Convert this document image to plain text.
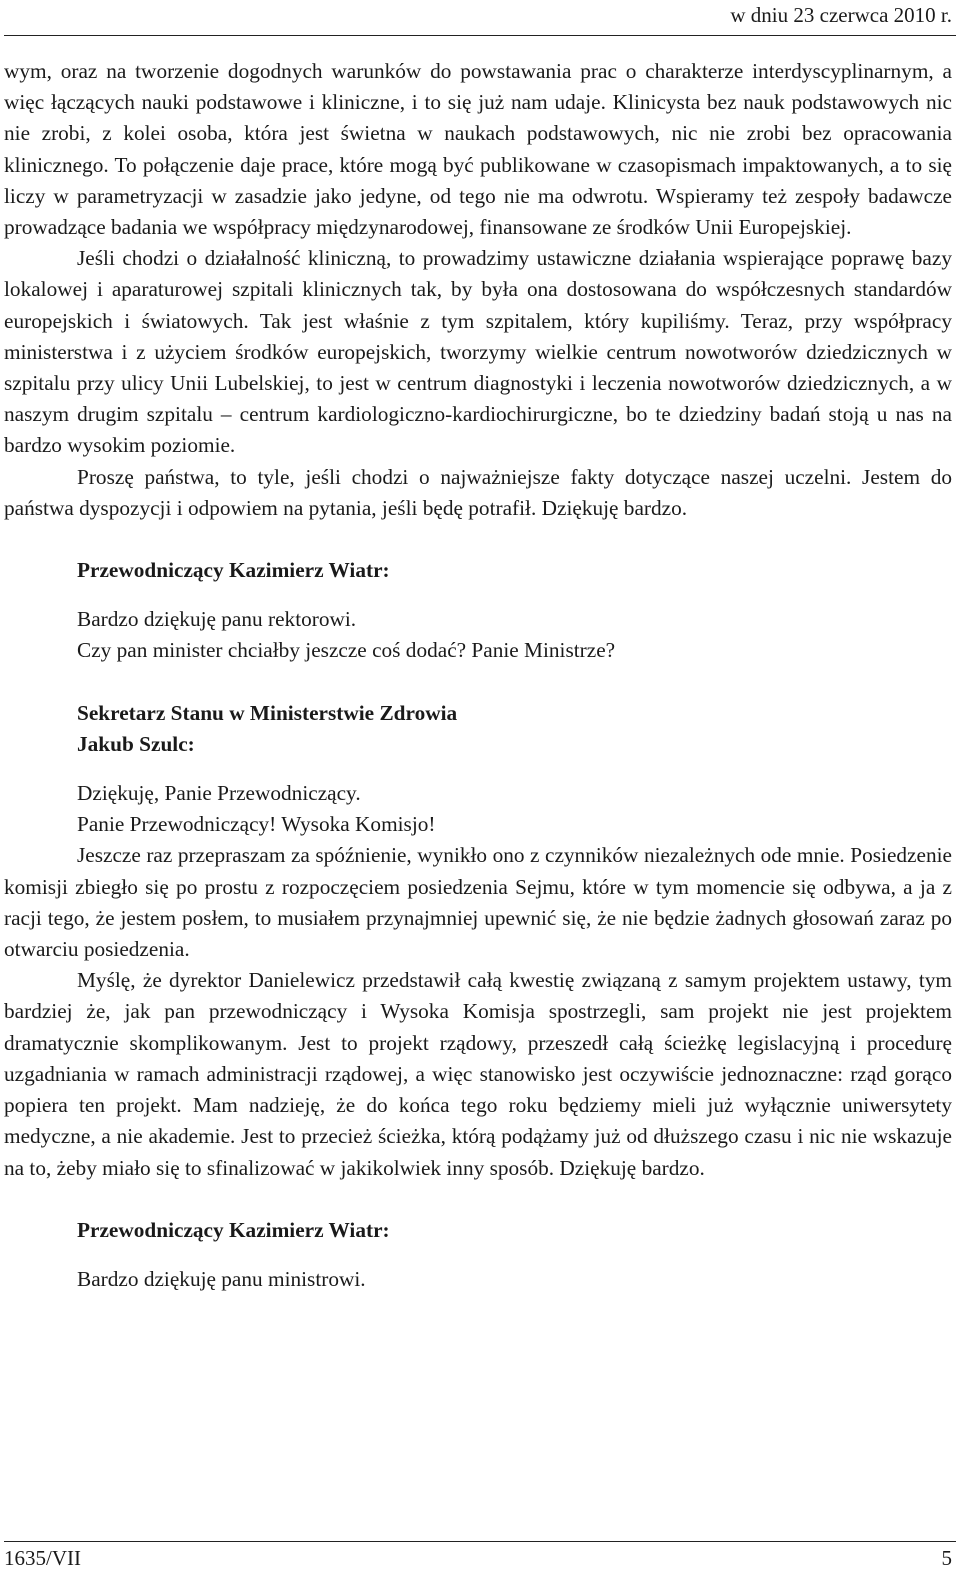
w dniu 23 czerwca 2010 r.

wym, oraz na tworzenie dogodnych warunków do powstawania prac o charakterze interdyscyplinarnym, a więc łączących nauki podstawowe i kliniczne, i to się już nam udaje. Klinicysta bez nauk podstawowych nic nie zrobi, z kolei osoba, która jest świetna w naukach podstawowych, nic nie zrobi bez opracowania klinicznego. To połączenie daje prace, które mogą być publikowane w czasopismach impaktowanych, a to się liczy w parametryzacji w zasadzie jako jedyne, od tego nie ma odwrotu. Wspieramy też zespoły badawcze prowadzące badania we współpracy międzynarodowej, finansowane ze środków Unii Europejskiej.

Jeśli chodzi o działalność kliniczną, to prowadzimy ustawiczne działania wspierające poprawę bazy lokalowej i aparaturowej szpitali klinicznych tak, by była ona dostosowana do współczesnych standardów europejskich i światowych. Tak jest właśnie z tym szpitalem, który kupiliśmy. Teraz, przy współpracy ministerstwa i z użyciem środków europejskich, tworzymy wielkie centrum nowotworów dziedzicznych w szpitalu przy ulicy Unii Lubelskiej, to jest w centrum diagnostyki i leczenia nowotworów dziedzicznych, a w naszym drugim szpitalu – centrum kardiologiczno-kardiochirurgiczne, bo te dziedziny badań stoją u nas na bardzo wysokim poziomie.

Proszę państwa, to tyle, jeśli chodzi o najważniejsze fakty dotyczące naszej uczelni. Jestem do państwa dyspozycji i odpowiem na pytania, jeśli będę potrafił. Dziękuję bardzo.

Przewodniczący Kazimierz Wiatr:

Bardzo dziękuję panu rektorowi.

Czy pan minister chciałby jeszcze coś dodać? Panie Ministrze?

Sekretarz Stanu w Ministerstwie Zdrowia

Jakub Szulc:

Dziękuję, Panie Przewodniczący.

Panie Przewodniczący! Wysoka Komisjo!

Jeszcze raz przepraszam za spóźnienie, wynikło ono z czynników niezależnych ode mnie. Posiedzenie komisji zbiegło się po prostu z rozpoczęciem posiedzenia Sejmu, które w tym momencie się odbywa, a ja z racji tego, że jestem posłem, to musiałem przynajmniej upewnić się, że nie będzie żadnych głosowań zaraz po otwarciu posiedzenia.

Myślę, że dyrektor Danielewicz przedstawił całą kwestię związaną z samym projektem ustawy, tym bardziej że, jak pan przewodniczący i Wysoka Komisja spostrzegli, sam projekt nie jest projektem dramatycznie skomplikowanym. Jest to projekt rządowy, przeszedł całą ścieżkę legislacyjną i procedurę uzgadniania w ramach administracji rządowej, a więc stanowisko jest oczywiście jednoznaczne: rząd gorąco popiera ten projekt. Mam nadzieję, że do końca tego roku będziemy mieli już wyłącznie uniwersytety medyczne, a nie akademie. Jest to przecież ścieżka, którą podążamy już od dłuższego czasu i nic nie wskazuje na to, żeby miało się to sfinalizować w jakikolwiek inny sposób. Dziękuję bardzo.

Przewodniczący Kazimierz Wiatr:

Bardzo dziękuję panu ministrowi.

1635/VII	5
